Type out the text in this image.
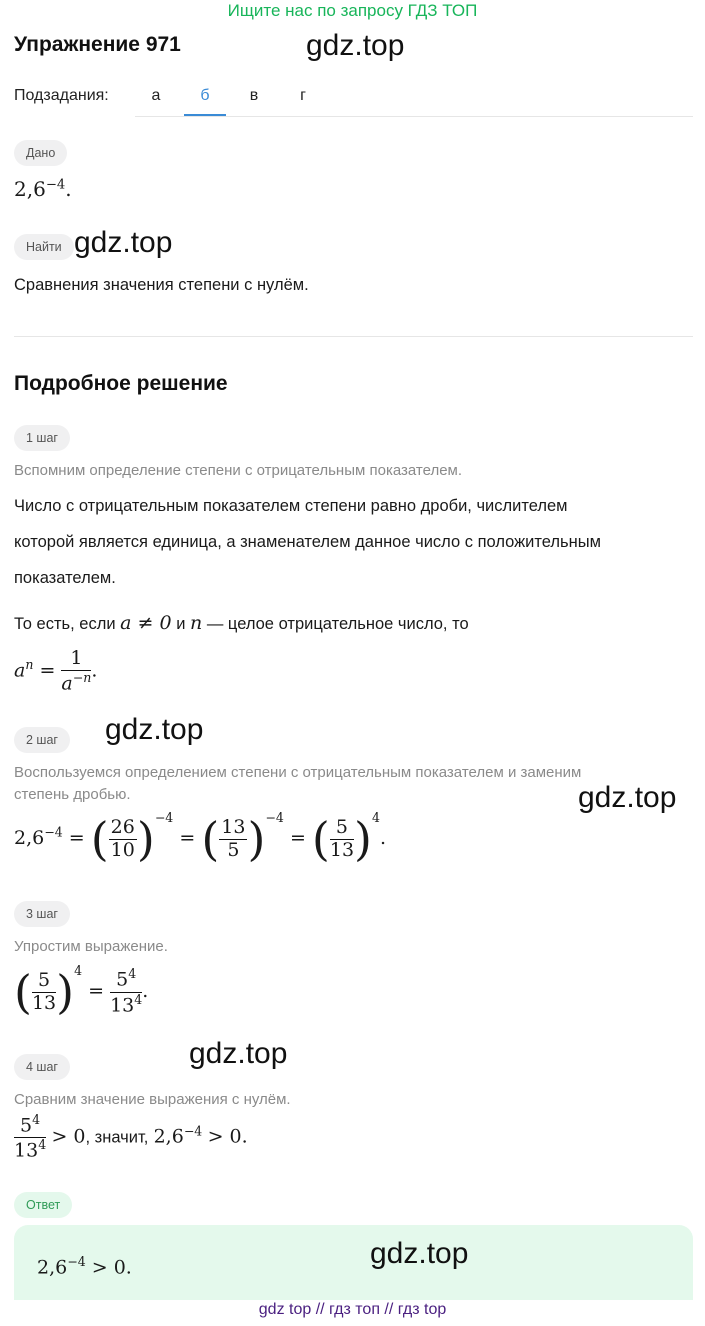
Ищите нас по запросу ГДЗ ТОП
Упражнение 971	gdz.top
Подзадания:	а	б	в	г
Дано
$2,6^{-4}$.
Найти gdz.top
Сравнения значения степени с нулём.
Подробное решение
1 шаг
Вспомним определение степени с отрицательным показателем.
Число с отрицательным показателем степени равно дроби, числителем
которой является единица, а знаменателем данное число с положительным
показателем.
То есть, если a ≠ 0 и n — целое отрицательное число, то
$a^n = \frac{1}{a^{-n}}$ .
gdz.top
2 шаг
Воспользуемся определением степени с отрицательным показателем и заменим
степень дробью.	gdz.top
$2,6^{-4}$ = ( $\frac{26}{10} )^{-4}$ = ( $\frac{13}{5} )^{-4}$ = ( $\frac{5}{13} )^4$.
3 шаг
Упростим выражение.
( $\frac{5}{13} )^4 = \frac{5^4}{13^4}$ .
gdz.top
4 шаг
Сравним значение выражения с нулём.
$\frac{5^4}{13^4} > 0$, значит, $2,6^{-4} > 0$.
Ответ
$2,6^{-4} > 0$.	gdz.top
gdz top // гдз топ // гдз top
